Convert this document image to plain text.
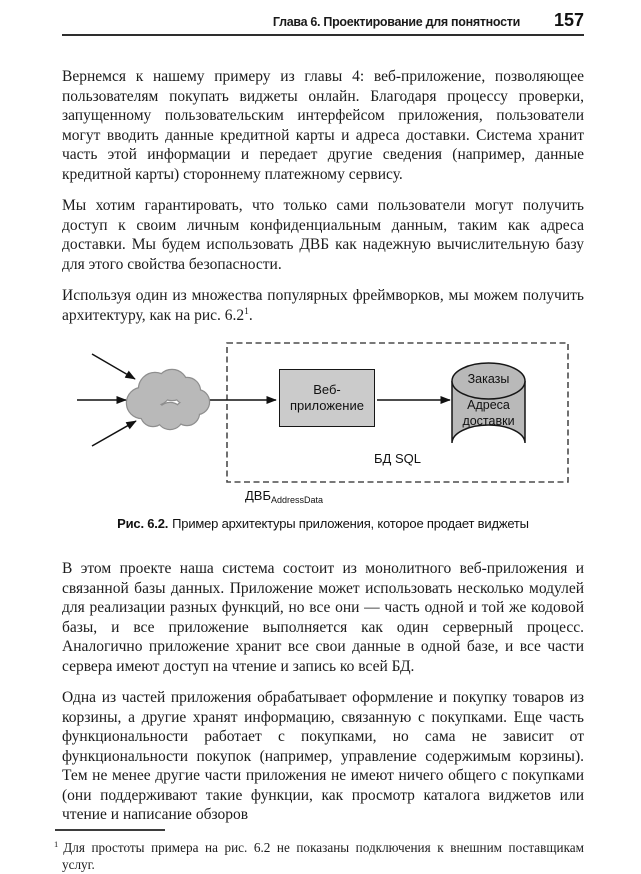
Глава 6. Проектирование для понятности 157

Вернемся к нашему примеру из главы 4: веб-приложение, позволяющее пользователям покупать виджеты онлайн. Благодаря процессу проверки, запущенному пользовательским интерфейсом приложения, пользователи могут вводить данные кредитной карты и адреса доставки. Система хранит часть этой информации и передает другие сведения (например, данные кредитной карты) стороннему платежному сервису.

Мы хотим гарантировать, что только сами пользователи могут получить доступ к своим личным конфиденциальным данным, таким как адреса доставки. Мы будем использовать ДВБ как надежную вычислительную базу для этого свойства безопасности.

Используя один из множества популярных фреймворков, мы можем получить архитектуру, как на рис. 6.2$^1$.

Веб-
приложение
Заказы
Адреса доставки
БД SQL
$ДВБ_{AddressData}$
Рис. 6.2. Пример архитектуры приложения, которое продает виджеты

В этом проекте наша система состоит из монолитного веб-приложения и связанной базы данных. Приложение может использовать несколько модулей для реализации разных функций, но все они — часть одной и той же кодовой базы, и все приложение выполняется как один серверный процесс. Аналогично приложение хранит все свои данные в одной базе, и все части сервера имеют доступ на чтение и запись ко всей БД.

Одна из частей приложения обрабатывает оформление и покупку товаров из корзины, а другие хранят информацию, связанную с покупками. Еще часть функциональности работает с покупками, но сама не зависит от функциональности покупок (например, управление содержимым корзины). Тем не менее другие части приложения не имеют ничего общего с покупками (они поддерживают такие функции, как просмотр каталога виджетов или чтение и написание обзоров

$^1$ Для простоты примера на рис. 6.2 не показаны подключения к внешним поставщикам услуг.
